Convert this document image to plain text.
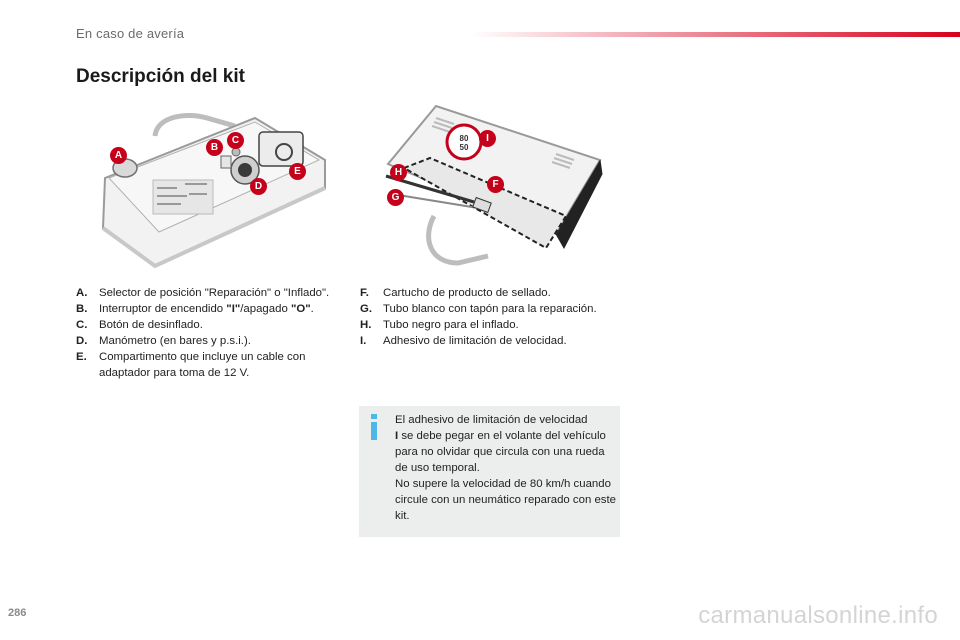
En caso de avería
Descripción del kit
A
B
C
D
E
80
50
I
H
F
G
A.	Selector de posición "Reparación" o "Inflado".
B.	Interruptor de encendido "I"/apagado "O".
C.	Botón de desinflado.
D.	Manómetro (en bares y p.s.i.).
E.	Compartimento que incluye un cable con adaptador para toma de 12 V.
F.	Cartucho de producto de sellado.
G. Tubo blanco con tapón para la reparación.
H.	Tubo negro para el inflado.
I.	Adhesivo de limitación de velocidad.

El adhesivo de limitación de velocidad
I se debe pegar en el volante del vehículo para no olvidar que circula con una rueda de uso temporal.
No supere la velocidad de 80 km/h cuando circule con un neumático reparado con este kit.

286	carmanualsonline.info
